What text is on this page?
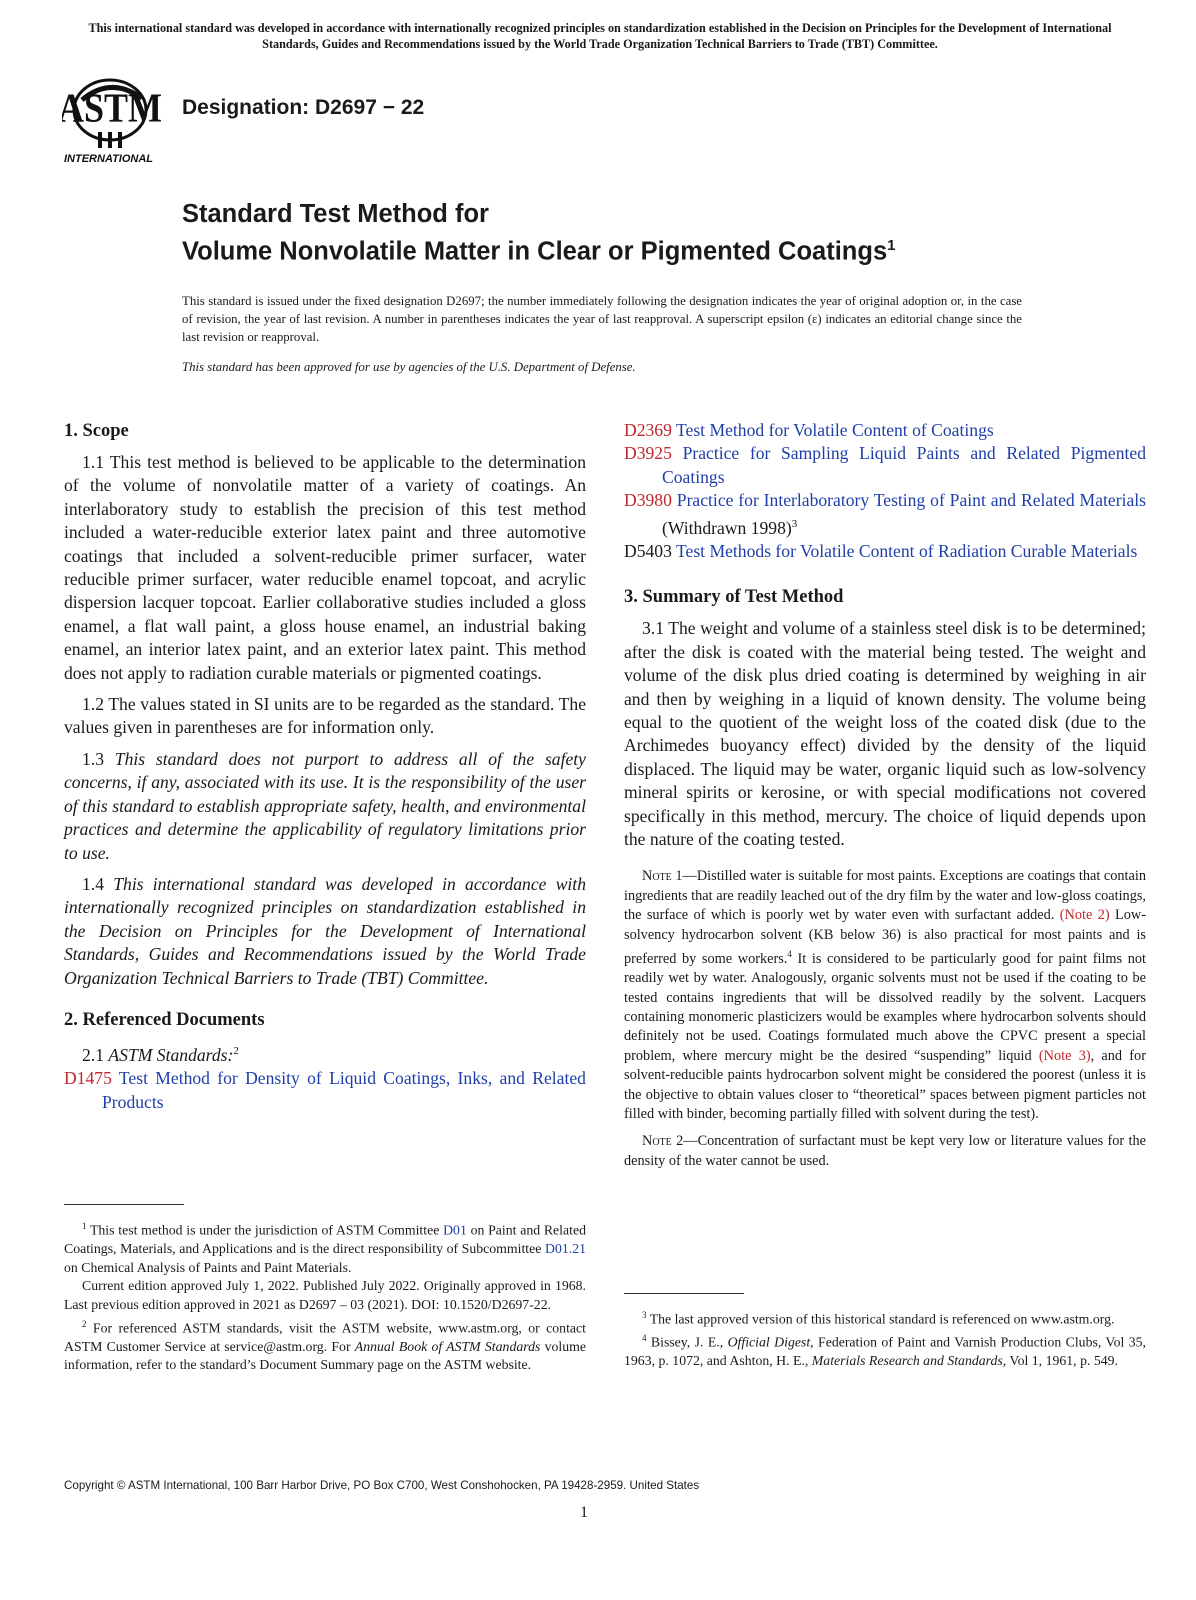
This international standard was developed in accordance with internationally recognized principles on standardization established in the Decision on Principles for the Development of International Standards, Guides and Recommendations issued by the World Trade Organization Technical Barriers to Trade (TBT) Committee.
ASTM
INTERNATIONAL
Designation: D2697 − 22
Standard Test Method for
Volume Nonvolatile Matter in Clear or Pigmented Coatings$^1$
This standard is issued under the fixed designation D2697; the number immediately following the designation indicates the year of original adoption or, in the case of revision, the year of last revision. A number in parentheses indicates the year of last reapproval. A superscript epsilon (ε) indicates an editorial change since the last revision or reapproval.
This standard has been approved for use by agencies of the U.S. Department of Defense.
1. Scope

1.1 This test method is believed to be applicable to the determination of the volume of nonvolatile matter of a variety of coatings. An interlaboratory study to establish the precision of this test method included a water-reducible exterior latex paint and three automotive coatings that included a solvent-reducible primer surfacer, water reducible primer surfacer, water reducible enamel topcoat, and acrylic dispersion lacquer topcoat. Earlier collaborative studies included a gloss enamel, a flat wall paint, a gloss house enamel, an industrial baking enamel, an interior latex paint, and an exterior latex paint. This method does not apply to radiation curable materials or pigmented coatings.

1.2 The values stated in SI units are to be regarded as the standard. The values given in parentheses are for information only.

1.3 This standard does not purport to address all of the safety concerns, if any, associated with its use. It is the responsibility of the user of this standard to establish appropriate safety, health, and environmental practices and determine the applicability of regulatory limitations prior to use.

1.4 This international standard was developed in accordance with internationally recognized principles on standardization established in the Decision on Principles for the Development of International Standards, Guides and Recommendations issued by the World Trade Organization Technical Barriers to Trade (TBT) Committee.

2. Referenced Documents
2.1 ASTM Standards:$^2$

D1475 Test Method for Density of Liquid Coatings, Inks, and Related Products

$^1$ This test method is under the jurisdiction of ASTM Committee D01 on Paint and Related Coatings, Materials, and Applications and is the direct responsibility of Subcommittee D01.21 on Chemical Analysis of Paints and Paint Materials.

Current edition approved July 1, 2022. Published July 2022. Originally approved in 1968. Last previous edition approved in 2021 as D2697 – 03 (2021). DOI: 10.1520/D2697-22.

$^2$ For referenced ASTM standards, visit the ASTM website, www.astm.org, or contact ASTM Customer Service at service@astm.org. For Annual Book of ASTM Standards volume information, refer to the standard’s Document Summary page on the ASTM website.

D2369 Test Method for Volatile Content of Coatings

D3925 Practice for Sampling Liquid Paints and Related Pigmented Coatings

D3980 Practice for Interlaboratory Testing of Paint and Related Materials (Withdrawn 1998)$^3$

D5403 Test Methods for Volatile Content of Radiation Curable Materials

3. Summary of Test Method

3.1 The weight and volume of a stainless steel disk is to be determined; after the disk is coated with the material being tested. The weight and volume of the disk plus dried coating is determined by weighing in air and then by weighing in a liquid of known density. The volume being equal to the quotient of the weight loss of the coated disk (due to the Archimedes buoyancy effect) divided by the density of the liquid displaced. The liquid may be water, organic liquid such as low-solvency mineral spirits or kerosine, or with special modifications not covered specifically in this method, mercury. The choice of liquid depends upon the nature of the coating tested.

Note 1—Distilled water is suitable for most paints. Exceptions are coatings that contain ingredients that are readily leached out of the dry film by the water and low-gloss coatings, the surface of which is poorly wet by water even with surfactant added. (Note 2) Low-solvency hydrocarbon solvent (KB below 36) is also practical for most paints and is preferred by some workers.$^4$ It is considered to be particularly good for paint films not readily wet by water. Analogously, organic solvents must not be used if the coating to be tested contains ingredients that will be dissolved readily by the solvent. Lacquers containing monomeric plasticizers would be examples where hydrocarbon solvents should definitely not be used. Coatings formulated much above the CPVC present a special problem, where mercury might be the desired “suspending” liquid (Note 3), and for solvent-reducible paints hydrocarbon solvent might be considered the poorest (unless it is the objective to obtain values closer to “theoretical” spaces between pigment particles not filled with binder, becoming partially filled with solvent during the test).

Note 2—Concentration of surfactant must be kept very low or literature values for the density of the water cannot be used.

$^3$ The last approved version of this historical standard is referenced on www.astm.org.

$^4$ Bissey, J. E., Official Digest, Federation of Paint and Varnish Production Clubs, Vol 35, 1963, p. 1072, and Ashton, H. E., Materials Research and Standards, Vol 1, 1961, p. 549.

Copyright © ASTM International, 100 Barr Harbor Drive, PO Box C700, West Conshohocken, PA 19428-2959. United States
1
